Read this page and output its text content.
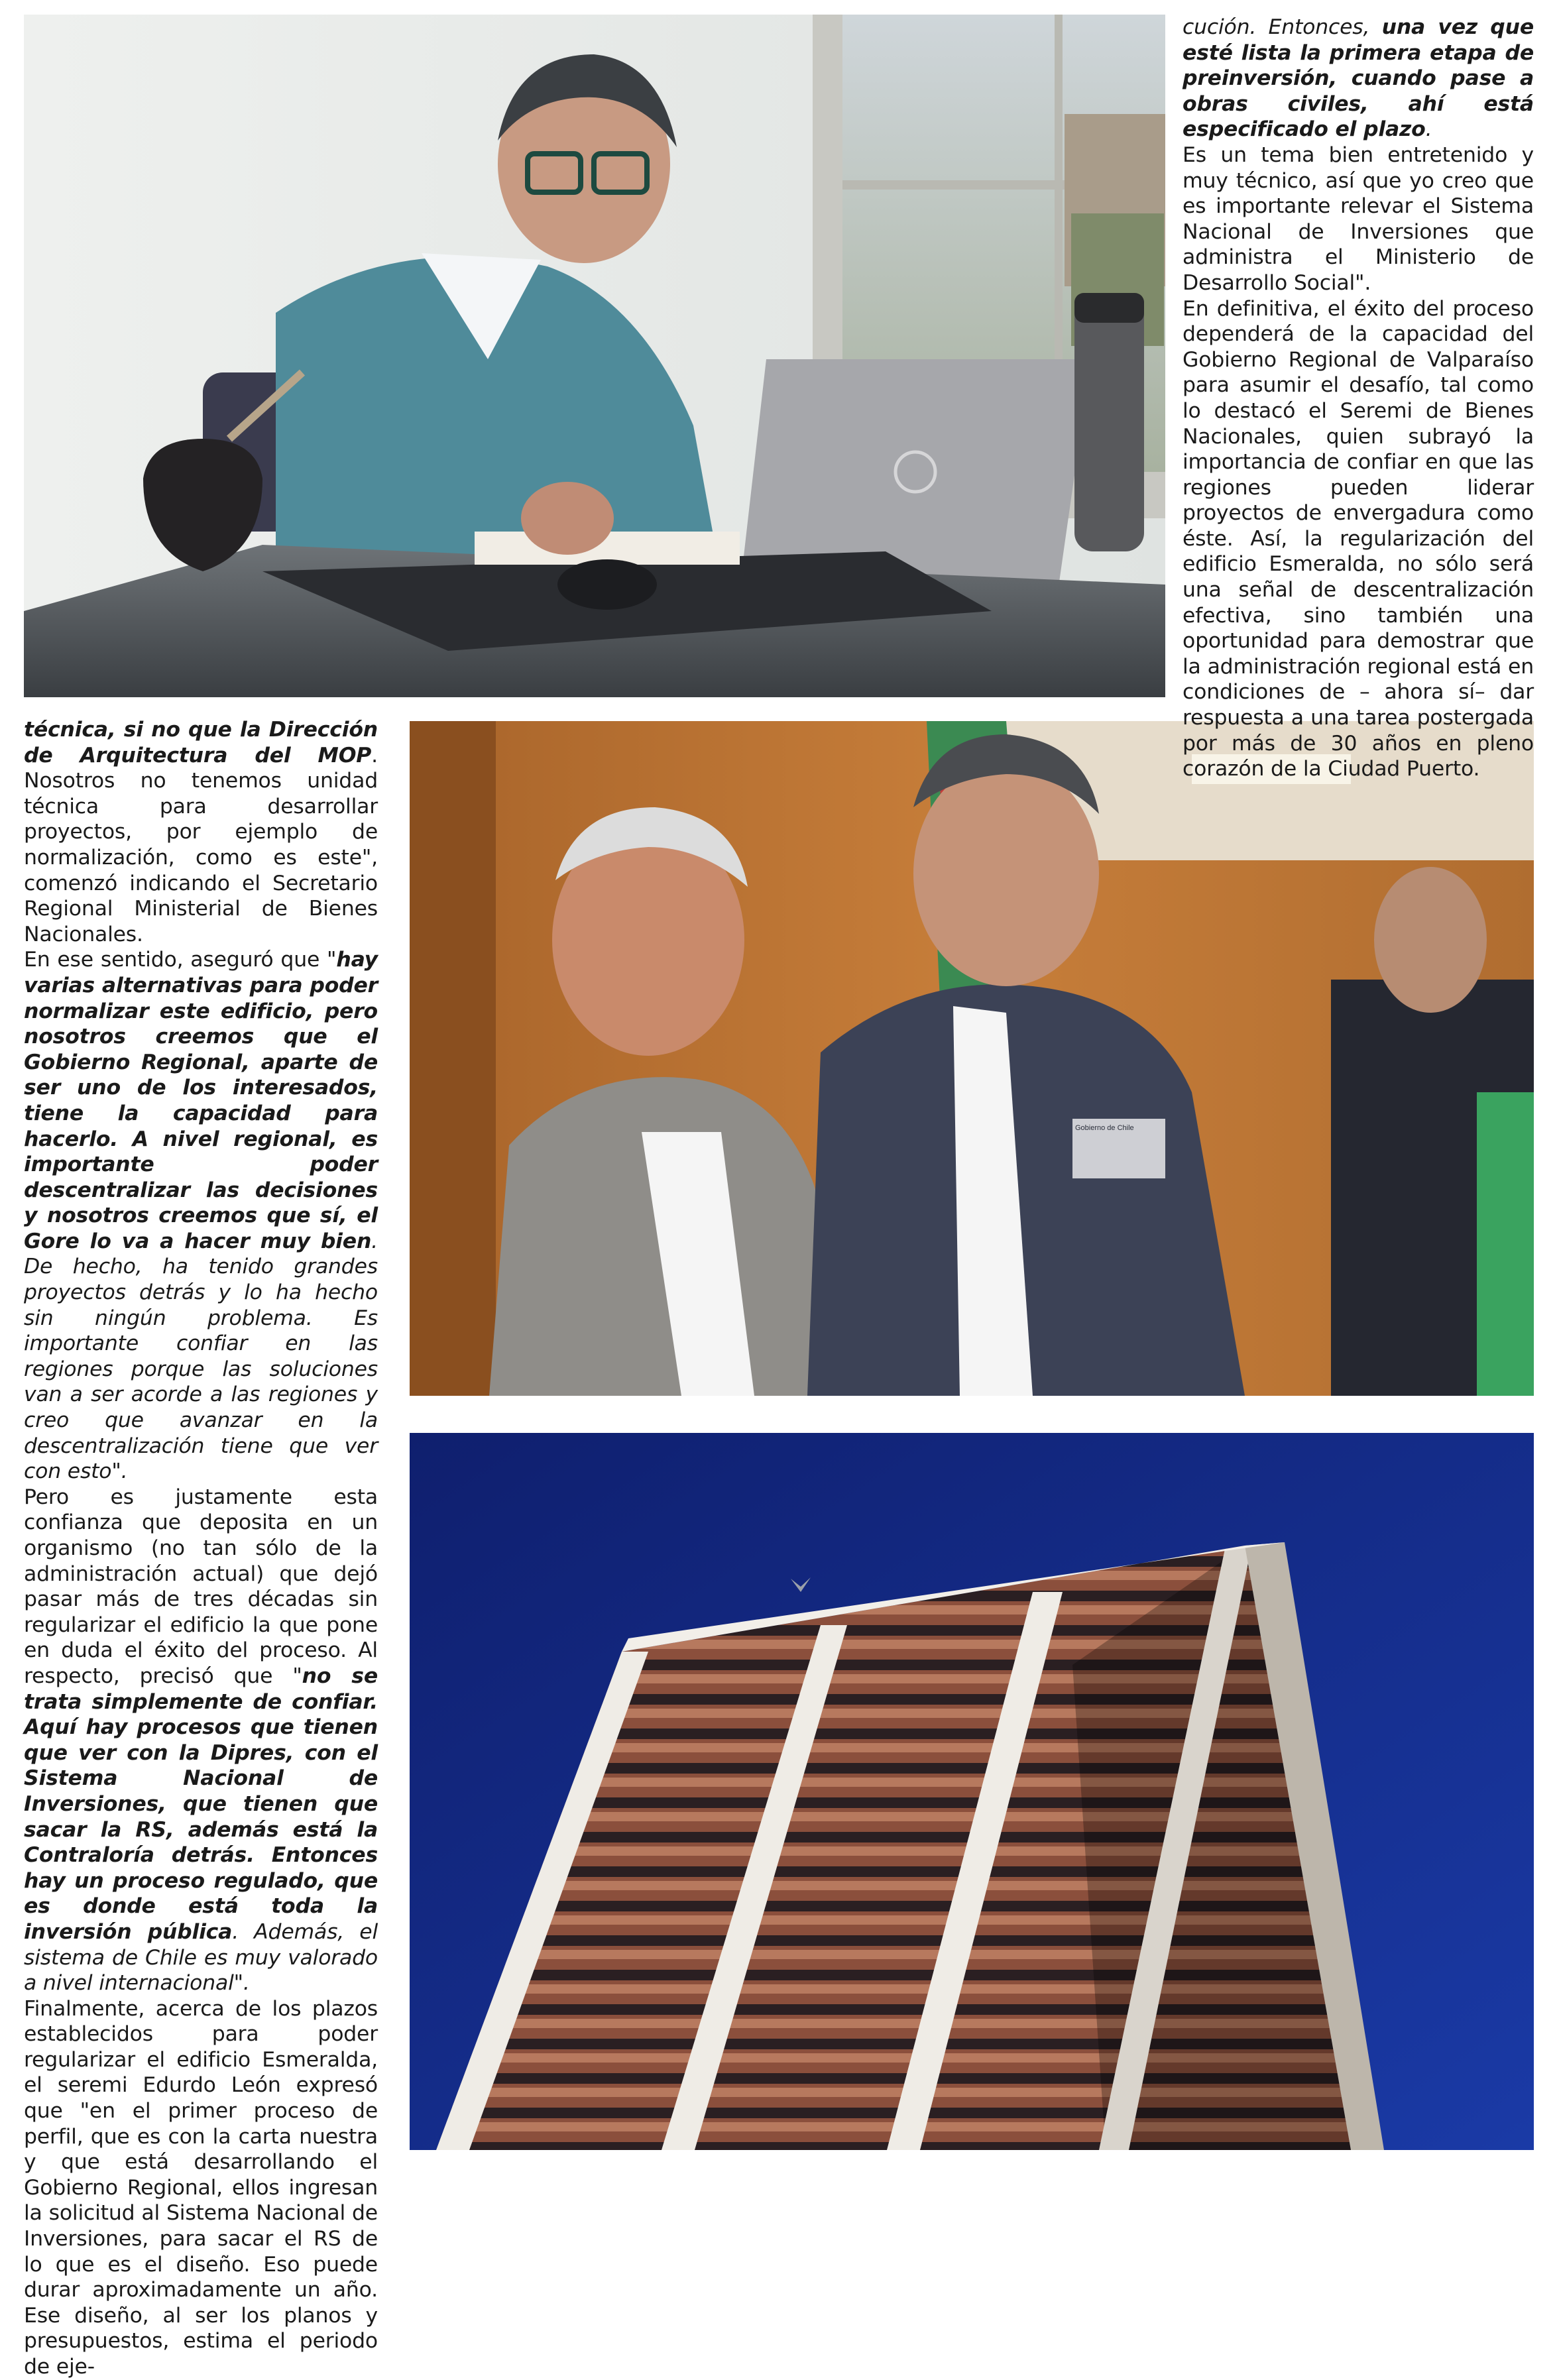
cución. Entonces, una vez que esté lista la primera etapa de preinversión, cuando pase a obras civiles, ahí está especificado el plazo.

Es un tema bien entretenido y muy técnico, así que yo creo que es importante relevar el Sistema Nacional de Inversiones que administra el Ministerio de Desarrollo Social".

En definitiva, el éxito del proceso dependerá de la capacidad del Gobierno Regional de Valparaíso para asumir el desafío, tal como lo destacó el Seremi de Bienes Nacionales, quien subrayó la importancia de confiar en que las regiones pueden liderar proyectos de envergadura como éste. Así, la regularización del edificio Esmeralda, no sólo será una señal de descentralización efectiva, sino también una oportunidad para demostrar que la administración regional está en condiciones de – ahora sí– dar respuesta a una tarea postergada por más de 30 años en pleno corazón de la Ciudad Puerto.

técnica, si no que la Dirección de Arquitectura del MOP. Nosotros no tenemos unidad técnica para desarrollar proyectos, por ejemplo de normalización, como es este", comenzó indicando el Secretario Regional Ministerial de Bienes Nacionales.

En ese sentido, aseguró que "hay varias alternativas para poder normalizar este edificio, pero nosotros creemos que el Gobierno Regional, aparte de ser uno de los interesados, tiene la capacidad para hacerlo. A nivel regional, es importante poder descentralizar las decisiones y nosotros creemos que sí, el Gore lo va a hacer muy bien. De hecho, ha tenido grandes proyectos detrás y lo ha hecho sin ningún problema. Es importante confiar en las regiones porque las soluciones van a ser acorde a las regiones y creo que avanzar en la descentralización tiene que ver con esto".

Pero es justamente esta confianza que deposita en un organismo (no tan sólo de la administración actual) que dejó pasar más de tres décadas sin regularizar el edificio la que pone en duda el éxito del proceso. Al respecto, precisó que "no se trata simplemente de confiar. Aquí hay procesos que tienen que ver con la Dipres, con el Sistema Nacional de Inversiones, que tienen que sacar la RS, además está la Contraloría detrás. Entonces hay un proceso regulado, que es donde está toda la inversión pública. Además, el sistema de Chile es muy valorado a nivel internacional".

Finalmente, acerca de los plazos establecidos para poder regularizar el edificio Esmeralda, el seremi Edurdo León expresó que "en el primer proceso de perfil, que es con la carta nuestra y que está desarrollando el Gobierno Regional, ellos ingresan la solicitud al Sistema Nacional de Inversiones, para sacar el RS de lo que es el diseño. Eso puede durar aproximadamente un año. Ese diseño, al ser los planos y presupuestos, estima el periodo de eje-

Gobierno de Chile
